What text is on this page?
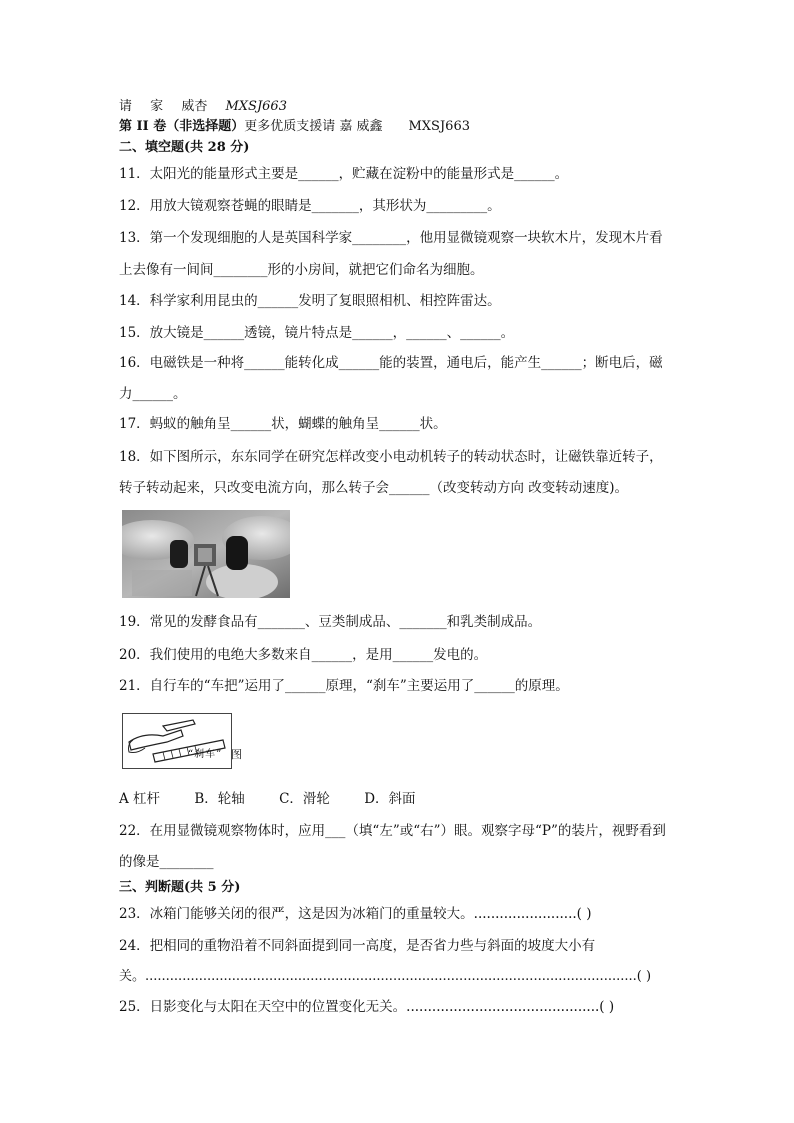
请 家 威杏 MXSJ663
第 II 卷（非选择题）更多优质支援请 嘉 威鑫　　MXSJ663
二、填空题(共 28 分)
11．太阳光的能量形式主要是______，贮藏在淀粉中的能量形式是______。
12．用放大镜观察苍蝇的眼睛是_______，其形状为_________。
13．第一个发现细胞的人是英国科学家________，他用显微镜观察一块软木片，发现木片看
上去像有一间间________形的小房间，就把它们命名为细胞。
14．科学家利用昆虫的______发明了复眼照相机、相控阵雷达。
15．放大镜是______透镜，镜片特点是______，______、______。
16．电磁铁是一种将______能转化成______能的装置，通电后，能产生______；断电后，磁
力______。
17．蚂蚁的触角呈______状，蝴蝶的触角呈______状。
18．如下图所示，东东同学在研究怎样改变小电动机转子的转动状态时，让磁铁靠近转子，
转子转动起来，只改变电流方向，那么转子会______（改变转动方向 改变转动速度)。
19．常见的发酵食品有_______、豆类制成品、_______和乳类制成品。
20．我们使用的电绝大多数来自______，是用______发电的。
21．自行车的“车把”运用了______原理，“刹车”主要运用了______的原理。
“刹车” 图
A 杠杆	B．轮轴	C．滑轮	D．斜面
22．在用显微镜观察物体时，应用___（填“左”或“右”）眼。观察字母“P”的装片，视野看到
的像是________
三、判断题(共 5 分)
23．冰箱门能够关闭的很严，这是因为冰箱门的重量较大。........................( )
24．把相同的重物沿着不同斜面提到同一高度，是否省力些与斜面的坡度大小有
关。.......................................................................................................................( )
25．日影变化与太阳在天空中的位置变化无关。.............................................( )
